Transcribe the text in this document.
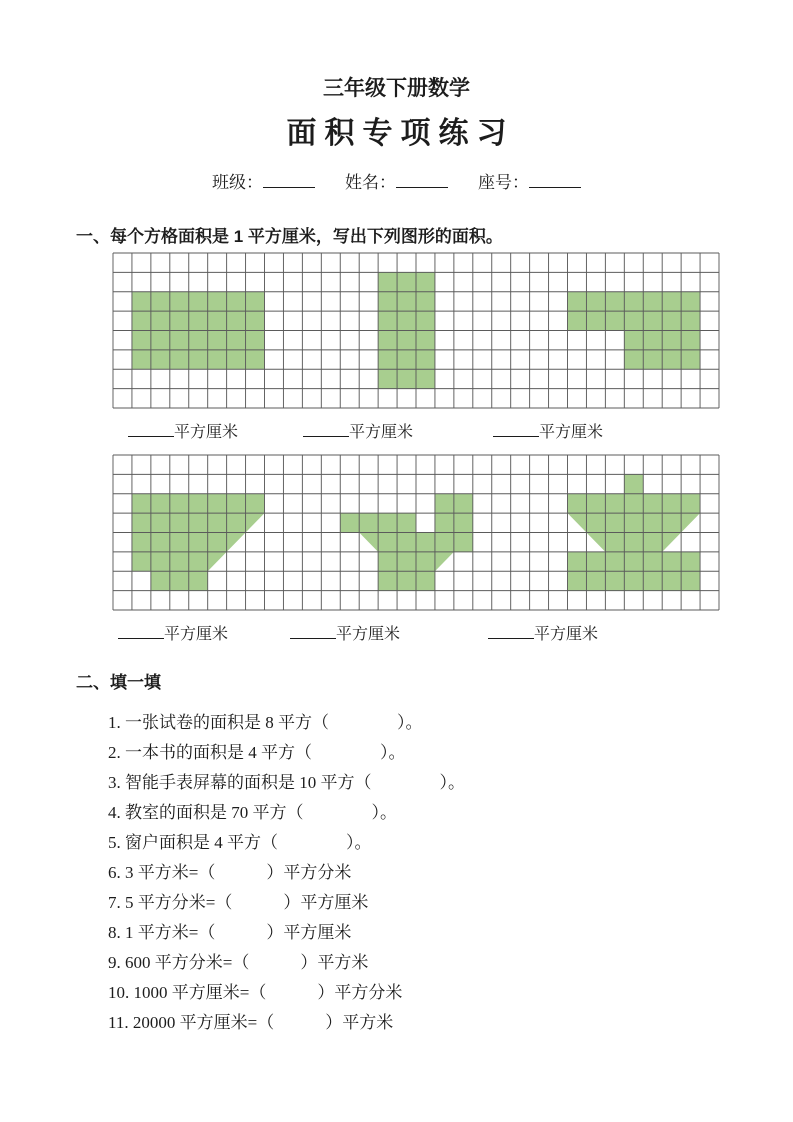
三年级下册数学
面积专项练习
班级：	姓名：	座号：
一、每个方格面积是 1 平方厘米，写出下列图形的面积。
平方厘米	平方厘米	平方厘米
平方厘米	平方厘米	平方厘米
二、填一填
1. 一张试卷的面积是 8 平方（　　　　）。
2. 一本书的面积是 4 平方（　　　　）。
3. 智能手表屏幕的面积是 10 平方（　　　　）。
4. 教室的面积是 70 平方（　　　　）。
5. 窗户面积是 4 平方（　　　　）。
6. 3 平方米=（　　　）平方分米
7. 5 平方分米=（　　　）平方厘米
8. 1 平方米=（　　　）平方厘米
9. 600 平方分米=（　　　）平方米
10. 1000 平方厘米=（　　　）平方分米
11. 20000 平方厘米=（　　　）平方米
